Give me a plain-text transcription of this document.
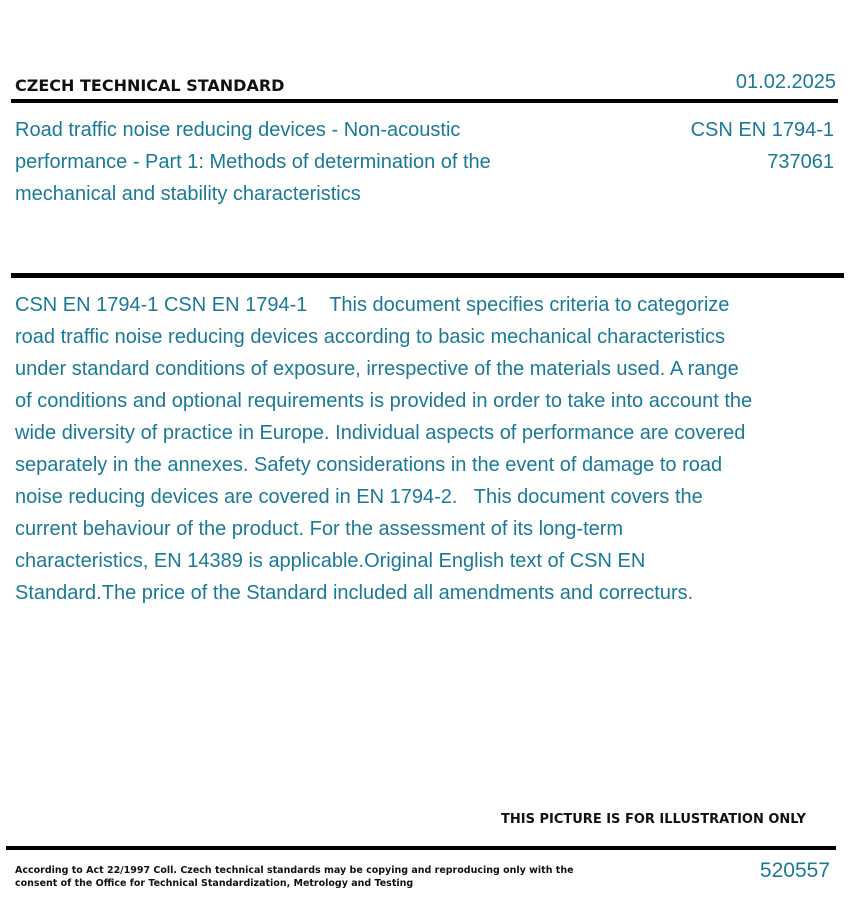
CZECH TECHNICAL STANDARD	01.02.2025
Road traffic noise reducing devices - Non-acoustic performance - Part 1: Methods of determination of the mechanical and stability characteristics
CSN EN 1794-1
737061
CSN EN 1794-1 CSN EN 1794-1    This document specifies criteria to categorize road traffic noise reducing devices according to basic mechanical characteristics under standard conditions of exposure, irrespective of the materials used. A range of conditions and optional requirements is provided in order to take into account the wide diversity of practice in Europe. Individual aspects of performance are covered separately in the annexes. Safety considerations in the event of damage to road noise reducing devices are covered in EN 1794-2.   This document covers the current behaviour of the product. For the assessment of its long-term characteristics, EN 14389 is applicable.Original English text of CSN EN Standard.The price of the Standard included all amendments and correcturs.
THIS PICTURE IS FOR ILLUSTRATION ONLY
According to Act 22/1997 Coll. Czech technical standards may be copying and reproducing only with the consent of the Office for Technical Standardization, Metrology and Testing
520557
